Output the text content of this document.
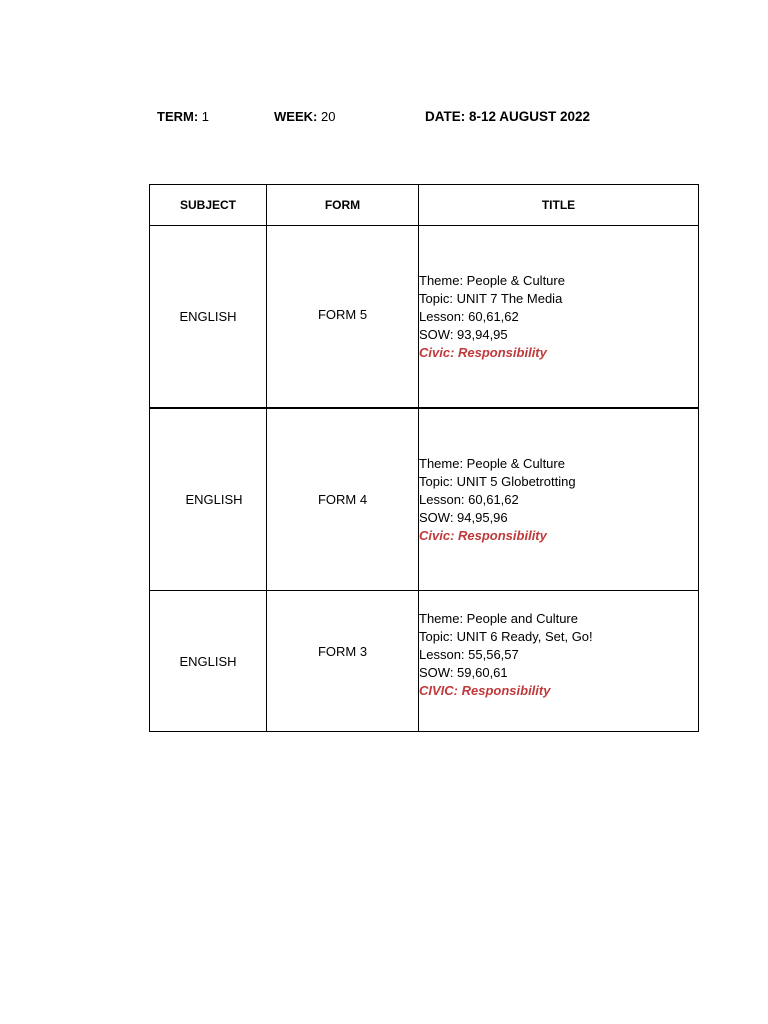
TERM: 1	WEEK: 20	DATE: 8-12 AUGUST 2022
SUBJECT	FORM	TITLE
ENGLISH	FORM 5	Theme: People & Culture
Topic: UNIT 7 The Media
Lesson: 60,61,62
SOW: 93,94,95
Civic: Responsibility

ENGLISH	FORM 4	Theme: People & Culture
Topic: UNIT 5 Globetrotting
Lesson: 60,61,62
SOW: 94,95,96
Civic: Responsibility

ENGLISH	FORM 3	Theme: People and Culture
Topic: UNIT 6 Ready, Set, Go!
Lesson: 55,56,57
SOW: 59,60,61
CIVIC: Responsibility
